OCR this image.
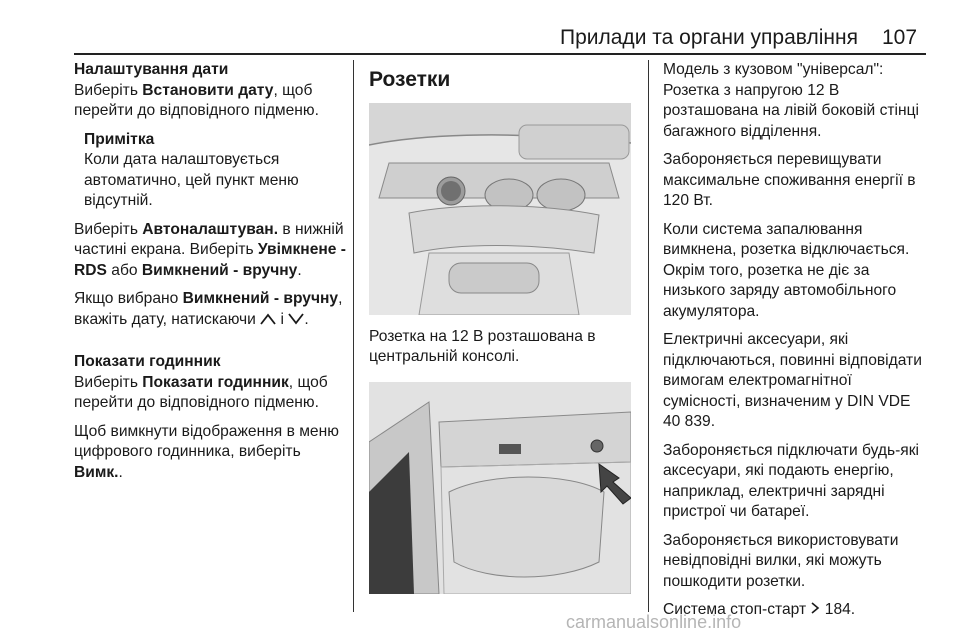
Прилади та органи управління 107

Налаштування дати

Виберіть Встановити дату, щоб перейти до відповідного підменю.

Примітка

Коли дата налаштовується автоматично, цей пункт меню відсутній.

Виберіть Автоналаштуван. в нижній частині екрана. Виберіть Увімкнене - RDS або Вимкнений - вручну.

Якщо вибрано Вимкнений - вручну, вкажіть дату, натискаючи  і .

Показати годинник

Виберіть Показати годинник, щоб перейти до відповідного підменю.

Щоб вимкнути відображення в меню цифрового годинника, виберіть Вимк..

Розетки

Розетка на 12 В розташована в центральній консолі.

Модель з кузовом "універсал": Розетка з напругою 12 В розташована на лівій боковій стінці багажного відділення.

Забороняється перевищувати максимальне споживання енергії в 120 Вт.

Коли система запалювання вимкнена, розетка відключається. Окрім того, розетка не діє за низького заряду автомобільного акумулятора.

Електричні аксесуари, які підключаються, повинні відповідати вимогам електромагнітної сумісності, визначеним у DIN VDE 40 839.

Забороняється підключати будь-які аксесуари, які подають енергію, наприклад, електричні зарядні пристрої чи батареї.

Забороняється використовувати невідповідні вилки, які можуть пошкодити розетки.

Система стоп-старт  184.

carmanualsonline.info
